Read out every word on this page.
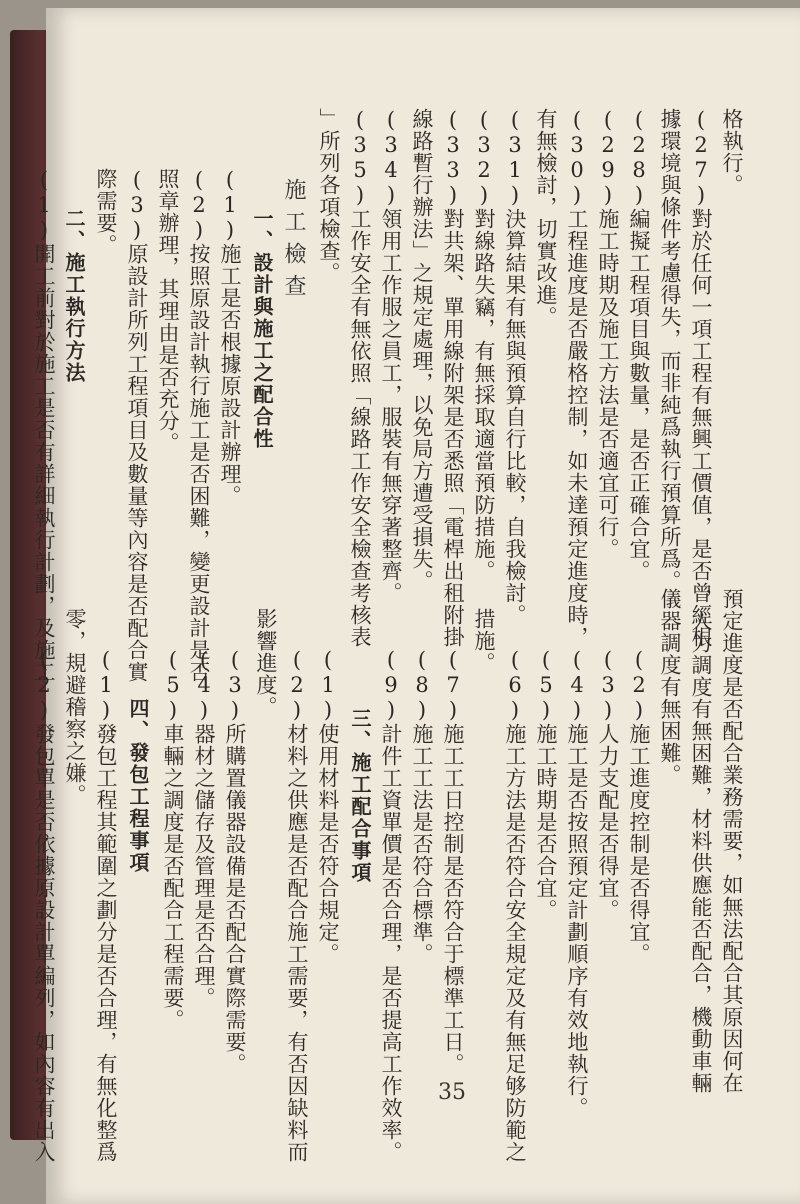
格執行。
(27)對於任何一項工程有無興工價值，是否曾經根
據環境與條件考慮得失，而非純爲執行預算所爲。
(28)編擬工程項目與數量，是否正確合宜。
(29)施工時期及施工方法是否適宜可行。
(30)工程進度是否嚴格控制，如未達預定進度時，
有無檢討，切實改進。
(31)決算結果有無與預算自行比較，自我檢討。
(32)對線路失竊，有無採取適當預防措施。
(33)對共架、單用線附架是否悉照「電桿出租附掛
線路暫行辦法」之規定處理，以免局方遭受損失。
(34)領用工作服之員工，服裝有無穿著整齊。
(35)工作安全有無依照「線路工作安全檢查考核表
」所列各項檢查。
施工檢查
一、設計與施工之配合性
(1)施工是否根據原設計辦理。
(2)按照原設計執行施工是否困難，變更設計是否
照章辦理，其理由是否充分。
(3)原設計所列工程項目及數量等內容是否配合實
際需要。
二、施工執行方法
(1)開工前對於施工是否有詳細執行計劃，及施工
預定進度是否配合業務需要，如無法配合其原因何在
，人力調度有無困難，材料供應能否配合，機動車輛
儀器調度有無困難。
(2)施工進度控制是否得宜。
(3)人力支配是否得宜。
(4)施工是否按照預定計劃順序有效地執行。
(5)施工時期是否合宜。
(6)施工方法是否符合安全規定及有無足够防範之
措施。
(7)施工工日控制是否符合于標準工日。
(8)施工工法是否符合標準。
(9)計件工資單價是否合理，是否提高工作效率。
三、施工配合事項
(1)使用材料是否符合規定。
(2)材料之供應是否配合施工需要，有否因缺料而
影響進度。
(3)所購置儀器設備是否配合實際需要。
(4)器材之儲存及管理是否合理。
(5)車輛之調度是否配合工程需要。
四、發包工程事項
(1)發包工程其範圍之劃分是否合理，有無化整爲
零，規避稽察之嫌。
(2)發包單是否依據原設計單編列，如內容有出入	35
